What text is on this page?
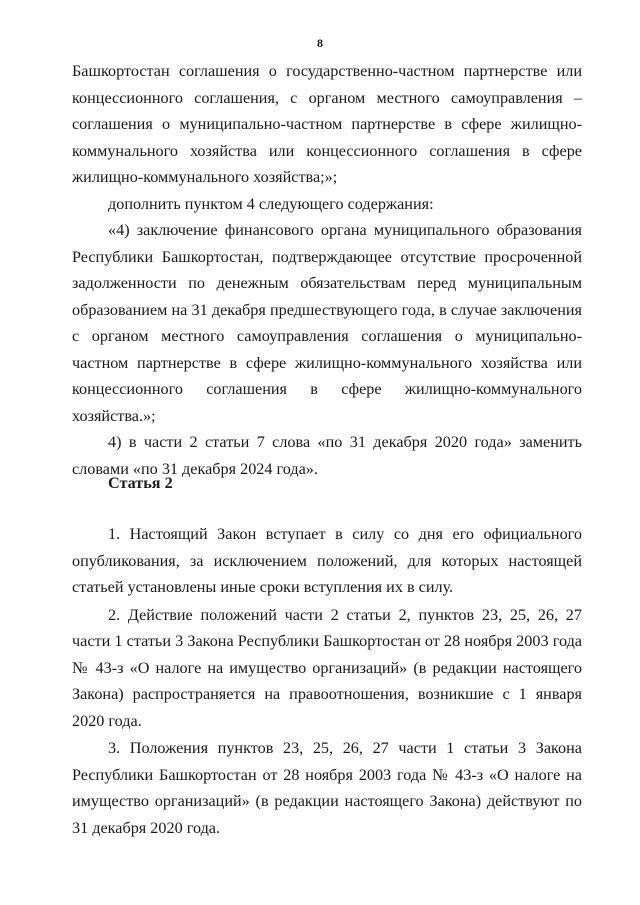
8

Башкортостан соглашения о государственно-частном партнерстве или концессионного соглашения, с органом местного самоуправления – соглашения о муниципально-частном партнерстве в сфере жилищно-коммунального хозяйства или концессионного соглашения в сфере жилищно-коммунального хозяйства;»;

дополнить пунктом 4 следующего содержания:

«4) заключение финансового органа муниципального образования Республики Башкортостан, подтверждающее отсутствие просроченной задолженности по денежным обязательствам перед муниципальным образованием на 31 декабря предшествующего года, в случае заключения с органом местного самоуправления соглашения о муниципально-частном партнерстве в сфере жилищно-коммунального хозяйства или концессионного соглашения в сфере жилищно-коммунального хозяйства.»;

4) в части 2 статьи 7 слова «по 31 декабря 2020 года» заменить словами «по 31 декабря 2024 года».

Статья 2

1. Настоящий Закон вступает в силу со дня его официального опубликования, за исключением положений, для которых настоящей статьей установлены иные сроки вступления их в силу.

2. Действие положений части 2 статьи 2, пунктов 23, 25, 26, 27 части 1 статьи 3 Закона Республики Башкортостан от 28 ноября 2003 года № 43-з «О налоге на имущество организаций» (в редакции настоящего Закона) распространяется на правоотношения, возникшие с 1 января 2020 года.

3. Положения пунктов 23, 25, 26, 27 части 1 статьи 3 Закона Республики Башкортостан от 28 ноября 2003 года № 43-з «О налоге на имущество организаций» (в редакции настоящего Закона) действуют по 31 декабря 2020 года.
